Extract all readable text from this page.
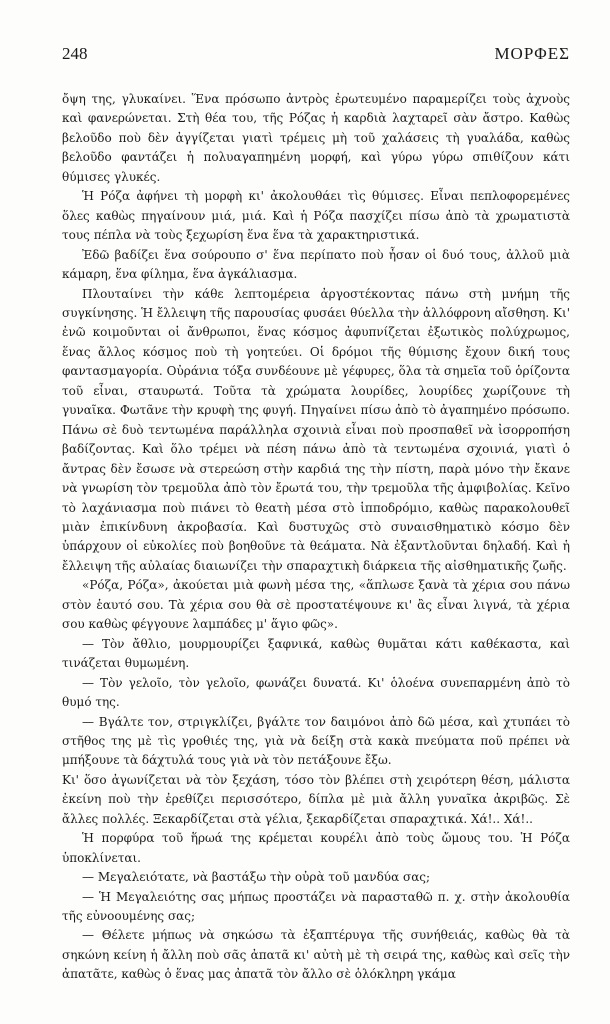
248	ΜΟΡΦΕΣ

ὄψη της, γλυκαίνει. Ἕνα πρόσωπο ἀντρὸς ἐρωτευμένο παραμερίζει τοὺς ἀχνοὺς καὶ φανερώνεται. Στὴ θέα του, τῆς Ρόζας ἡ καρδιὰ λαχταρεῖ σὰν ἄστρο. Καθὼς βελοῦδο ποὺ δὲν ἀγγίζεται γιατὶ τρέμεις μὴ τοῦ χαλάσεις τὴ γυαλάδα, καθὼς βελοῦδο φαντάζει ἡ πολυαγαπημένη μορφή, καὶ γύρω γύρω σπιθίζουν κάτι θύμισες γλυκές.

Ἡ Ρόζα ἀφήνει τὴ μορφὴ κι' ἀκολουθάει τὶς θύμισες. Εἶναι πεπλοφορεμένες ὅλες καθὼς πηγαίνουν μιά, μιά. Καὶ ἡ Ρόζα πασχίζει πίσω ἀπὸ τὰ χρωματιστὰ τους πέπλα νὰ τοὺς ξεχωρίση ἕνα ἕνα τὰ χαρακτηριστικά.

Ἐδῶ βαδίζει ἕνα σούρουπο σ' ἕνα περίπατο ποὺ ἦσαν οἱ δυό τους, ἀλλοῦ μιὰ κάμαρη, ἕνα φίλημα, ἕνα ἀγκάλιασμα.

Πλουταίνει τὴν κάθε λεπτομέρεια ἀργοστέκοντας πάνω στὴ μνήμη τῆς συγκίνησης. Ἡ ἔλλειψη τῆς παρουσίας φυσάει θύελλα τὴν ἀλλόφρονη αἴσθηση. Κι' ἐνῶ κοιμοῦνται οἱ ἄνθρωποι, ἕνας κόσμος ἀφυπνίζεται ἐξωτικὸς πολύχρωμος, ἕνας ἄλλος κόσμος ποὺ τὴ γοητεύει. Οἱ δρόμοι τῆς θύμισης ἔχουν δική τους φαντασμαγορία. Οὐράνια τόξα συνδέουνε μὲ γέφυρες, ὅλα τὰ σημεῖα τοῦ ὁρίζοντα τοῦ εἶναι, σταυρωτά. Τοῦτα τὰ χρώματα λουρίδες, λουρίδες χωρίζουνε τὴ γυναῖκα. Φωτᾶνε τὴν κρυφὴ της φυγή. Πηγαίνει πίσω ἀπὸ τὸ ἀγαπημένο πρόσωπο. Πάνω σὲ δυὸ τεντωμένα παράλληλα σχοινιὰ εἶναι ποὺ προσπαθεῖ νὰ ἰσορροπήση βαδίζοντας. Καὶ ὅλο τρέμει νὰ πέση πάνω ἀπὸ τὰ τεντωμένα σχοινιά, γιατὶ ὁ ἄντρας δὲν ἔσωσε νὰ στερεώση στὴν καρδιά της τὴν πίστη, παρὰ μόνο τὴν ἔκανε νὰ γνωρίση τὸν τρεμοῦλα ἀπὸ τὸν ἔρωτά του, τὴν τρεμοῦλα τῆς ἀμφιβολίας. Κεῖνο τὸ λαχάνιασμα ποὺ πιάνει τὸ θεατὴ μέσα στὸ ἱπποδρόμιο, καθὼς παρακολουθεῖ μιὰν ἐπικίνδυνη ἀκροβασία. Καὶ δυστυχῶς στὸ συναισθηματικὸ κόσμο δὲν ὑπάρχουν οἱ εὐκολίες ποὺ βοηθοῦνε τὰ θεάματα. Νὰ ἐξαντλοῦνται δηλαδή. Καὶ ἡ ἔλλειψη τῆς αὐλαίας διαιωνίζει τὴν σπαραχτικὴ διάρκεια τῆς αἰσθηματικῆς ζωῆς.

«Ρόζα, Ρόζα», ἀκούεται μιὰ φωνὴ μέσα της, «ἅπλωσε ξανὰ τὰ χέρια σου πάνω στὸν ἑαυτό σου. Τὰ χέρια σου θὰ σὲ προστατέψουνε κι' ἂς εἶναι λιγνά, τὰ χέρια σου καθὼς φέγγουνε λαμπάδες μ' ἅγιο φῶς».

— Τὸν ἄθλιο, μουρμουρίζει ξαφνικά, καθὼς θυμᾶται κάτι καθέκαστα, καὶ τινάζεται θυμωμένη.

— Τὸν γελοῖο, τὸν γελοῖο, φωνάζει δυνατά. Κι' ὁλοένα συνεπαρμένη ἀπὸ τὸ θυμό της.

— Βγάλτε τον, στριγκλίζει, βγάλτε τον δαιμόνοι ἀπὸ δῶ μέσα, καὶ χτυπάει τὸ στῆθος της μὲ τὶς γροθιές της, γιὰ νὰ δείξη στὰ κακὰ πνεύματα ποῦ πρέπει νὰ μπήξουνε τὰ δάχτυλά τους γιὰ νὰ τὸν πετάξουνε ἔξω.

Κι' ὅσο ἀγωνίζεται νὰ τὸν ξεχάση, τόσο τὸν βλέπει στὴ χειρότερη θέση, μάλιστα ἐκείνη ποὺ τὴν ἐρεθίζει περισσότερο, δίπλα μὲ μιὰ ἄλλη γυναῖκα ἀκριβῶς. Σὲ ἄλλες πολλές. Ξεκαρδίζεται στὰ γέλια, ξεκαρδίζεται σπαραχτικά. Χά!.. Χά!..

Ἡ πορφύρα τοῦ ἥρωά της κρέμεται κουρέλι ἀπὸ τοὺς ὤμους του. Ἡ Ρόζα ὑποκλίνεται.

— Μεγαλειότατε, νὰ βαστάξω τὴν οὐρὰ τοῦ μανδύα σας;

— Ἡ Μεγαλειότης σας μήπως προστάζει νὰ παρασταθῶ π. χ. στὴν ἀκολουθία τῆς εὐνοουμένης σας;

— Θέλετε μήπως νὰ σηκώσω τὰ ἐξαπτέρυγα τῆς συνήθειάς, καθὼς θὰ τὰ σηκώνη κείνη ἡ ἄλλη ποὺ σᾶς ἀπατᾶ κι' αὐτὴ μὲ τὴ σειρά της, καθὼς καὶ σεῖς τὴν ἀπατᾶτε, καθὼς ὁ ἕνας μας ἀπατᾶ τὸν ἄλλο σὲ ὁλόκληρη γκάμα
